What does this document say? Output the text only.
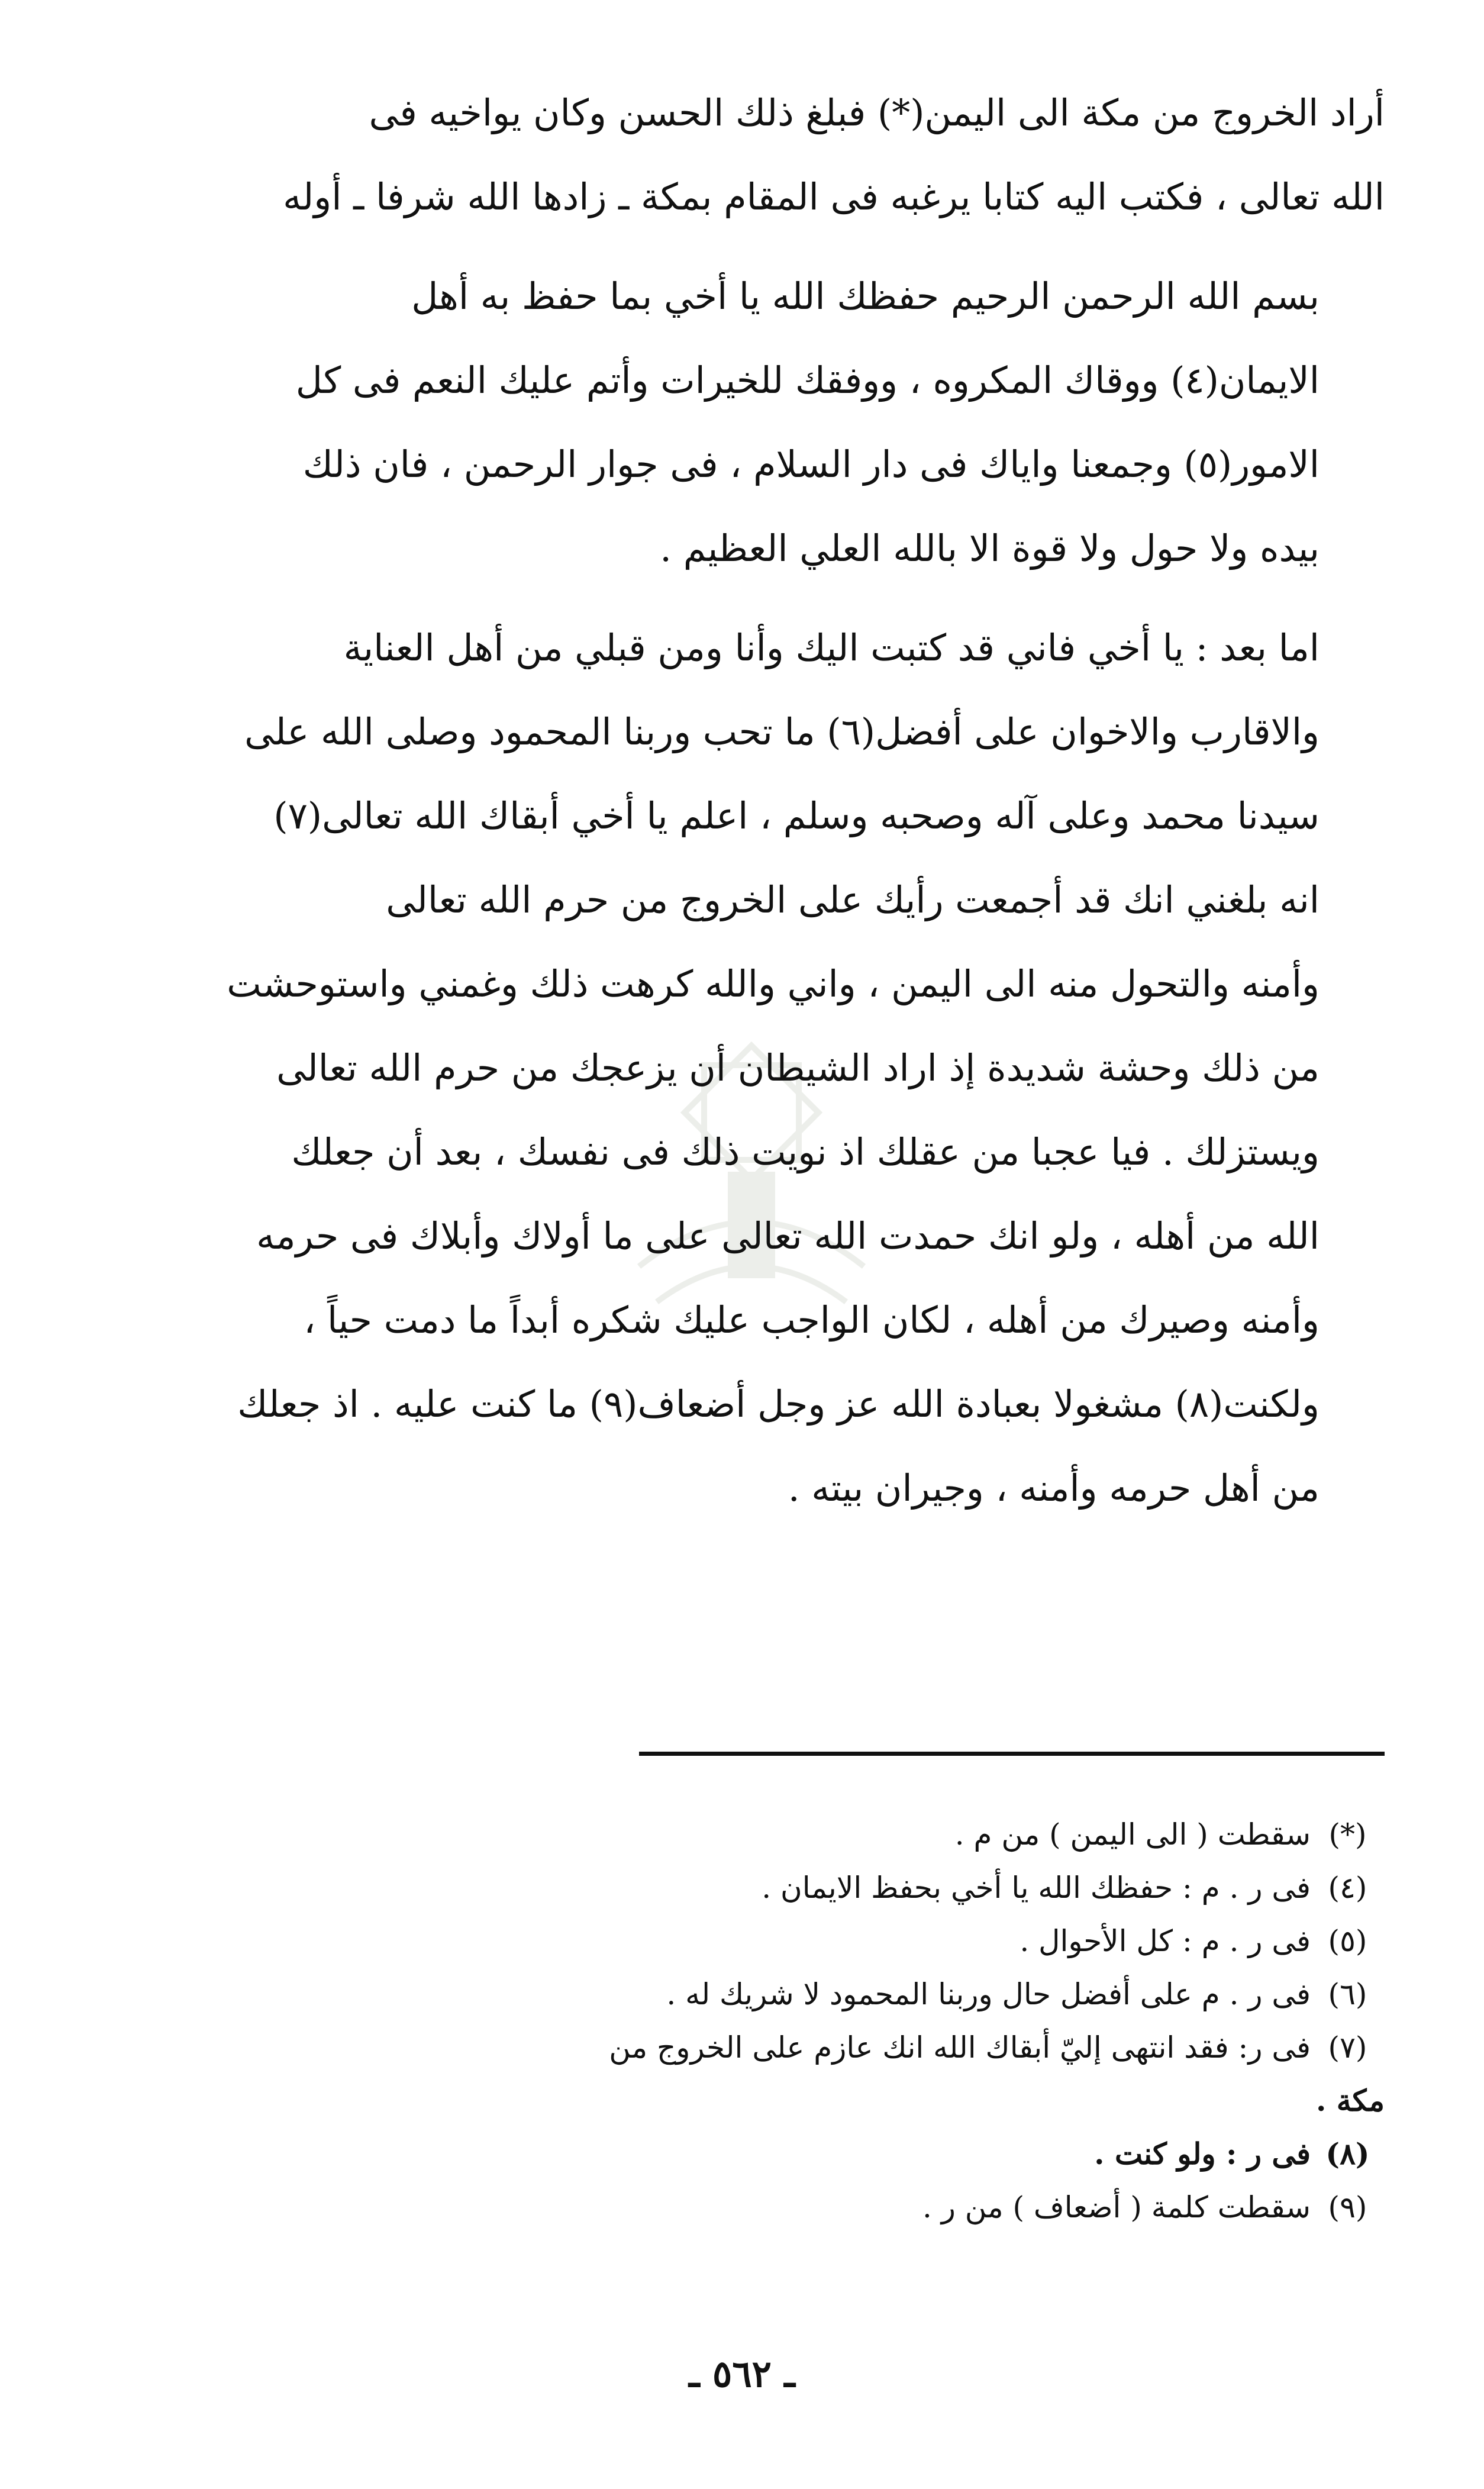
أراد الخروج من مكة الى اليمن(*) فبلغ ذلك الحسن وكان يواخيه فى
الله تعالى ، فكتب اليه كتابا يرغبه فى المقام بمكة ـ زادها الله شرفا ـ أوله

بسم الله الرحمن الرحيم حفظك الله يا أخي بما حفظ به أهل
الايمان(٤) ووقاك المكروه ، ووفقك للخيرات وأتم عليك النعم فى كل
الامور(٥) وجمعنا واياك فى دار السلام ، فى جوار الرحمن ، فان ذلك
بيده ولا حول ولا قوة الا بالله العلي العظيم .

اما بعد : يا أخي فاني قد كتبت اليك وأنا ومن قبلي من أهل العناية
والاقارب والاخوان على أفضل(٦) ما تحب وربنا المحمود وصلى الله على
سيدنا محمد وعلى آله وصحبه وسلم ، اعلم يا أخي أبقاك الله تعالى(٧)
انه بلغني انك قد أجمعت رأيك على الخروج من حرم الله تعالى
وأمنه والتحول منه الى اليمن ، واني والله كرهت ذلك وغمني واستوحشت
من ذلك وحشة شديدة إذ اراد الشيطان أن يزعجك من حرم الله تعالى
ويستزلك . فيا عجبا من عقلك اذ نويت ذلك فى نفسك ، بعد أن جعلك
الله من أهله ، ولو انك حمدت الله تعالى على ما أولاك وأبلاك فى حرمه
وأمنه وصيرك من أهله ، لكان الواجب عليك شكره أبداً ما دمت حياً ،
ولكنت(٨) مشغولا بعبادة الله عز وجل أضعاف(٩) ما كنت عليه . اذ جعلك
من أهل حرمه وأمنه ، وجيران بيته .

(*)
سقطت ( الى اليمن ) من م .
(٤)
فى ر . م : حفظك الله يا أخي بحفظ الايمان .
(٥)
فى ر . م : كل الأحوال .
(٦)
فى ر . م على أفضل حال وربنا المحمود لا شريك له .
(٧)
فى ر: فقد انتهى إليّ أبقاك الله انك عازم على الخروج من
مكة .
(٨)
فى ر : ولو كنت .
(٩)
سقطت كلمة ( أضعاف ) من ر .
ـ ٥٦٢ ـ
